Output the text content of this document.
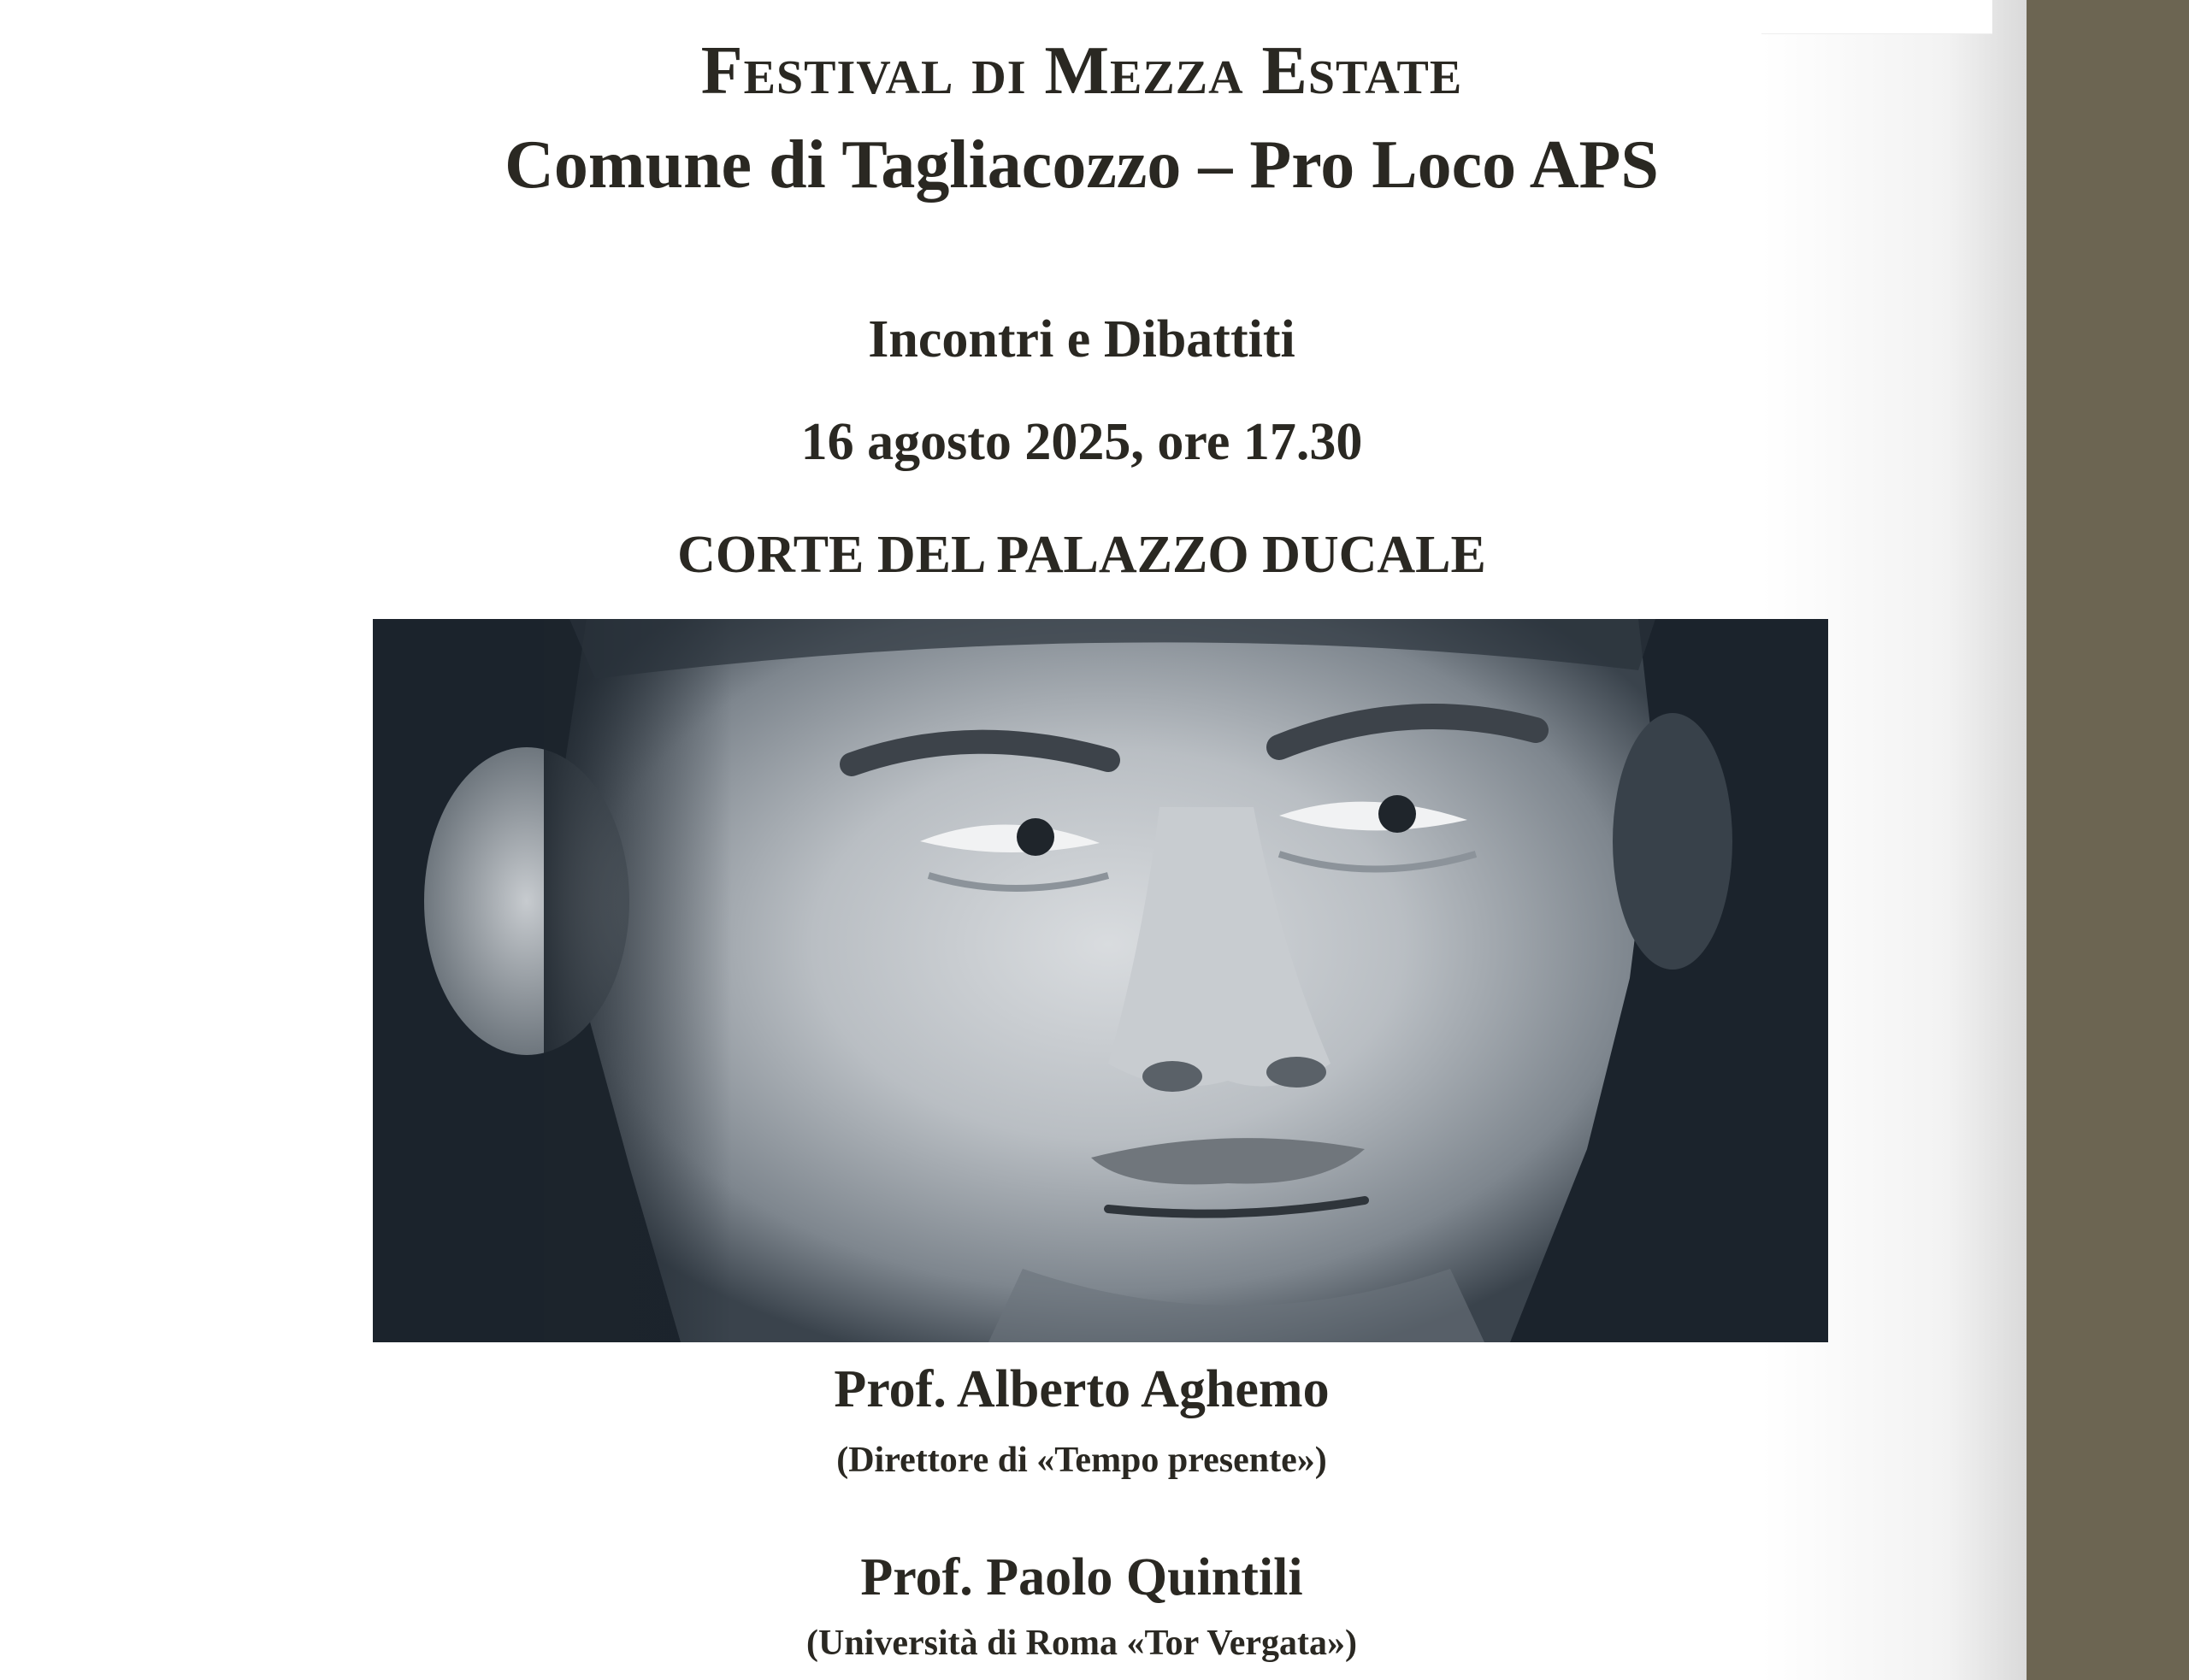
Festival di Mezza Estate
Comune di Tagliacozzo – Pro Loco APS
Incontri e Dibattiti
16 agosto 2025, ore 17.30
CORTE DEL PALAZZO DUCALE
Prof. Alberto Aghemo
(Direttore di «Tempo presente»)
Prof. Paolo Quintili
(Università di Roma «Tor Vergata»)
